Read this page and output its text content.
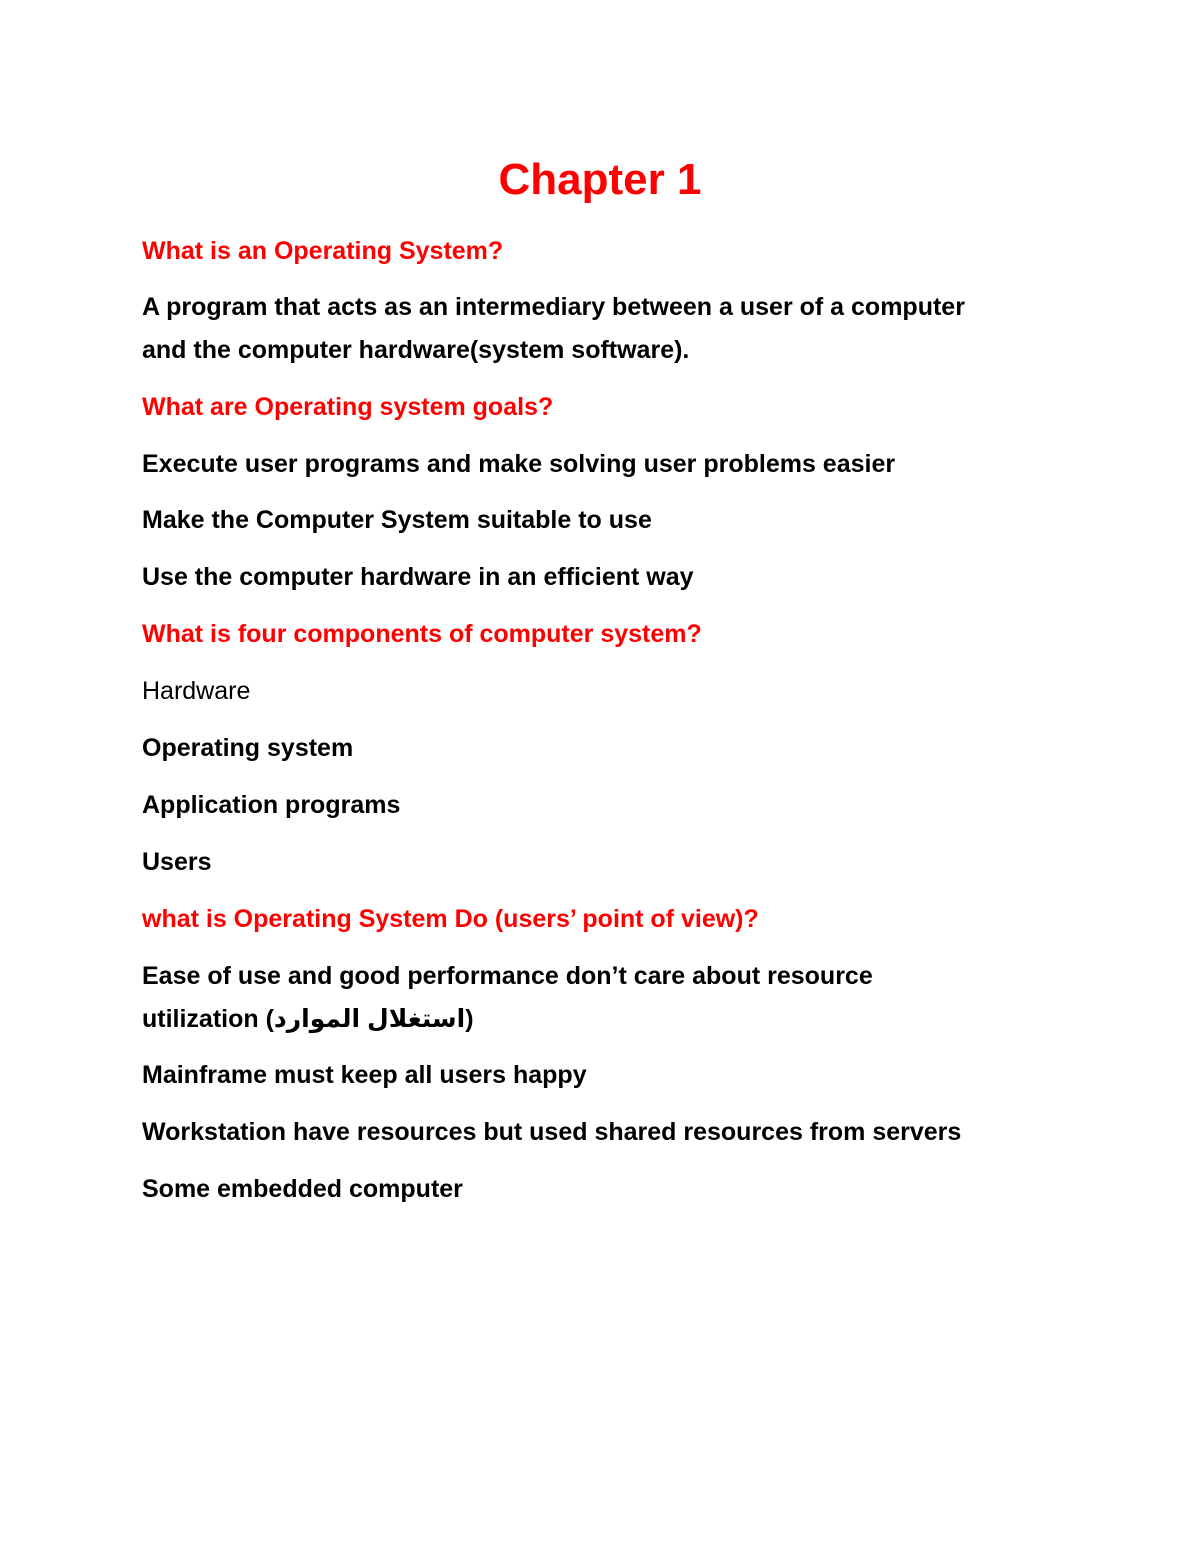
Chapter 1

What is an Operating System?

A program that acts as an intermediary between a user of a computer

and the computer hardware(system software).

What are Operating system goals?

Execute user programs and make solving user problems easier

Make the Computer System suitable to use

Use the computer hardware in an efficient way

What is four components of computer system?

Hardware

Operating system

Application programs

Users

what is Operating System Do (users’ point of view)?

Ease of use and good performance don’t care about resource

utilization (استغلال الموارد)

Mainframe must keep all users happy

Workstation have resources but used shared resources from servers

Some embedded computer
